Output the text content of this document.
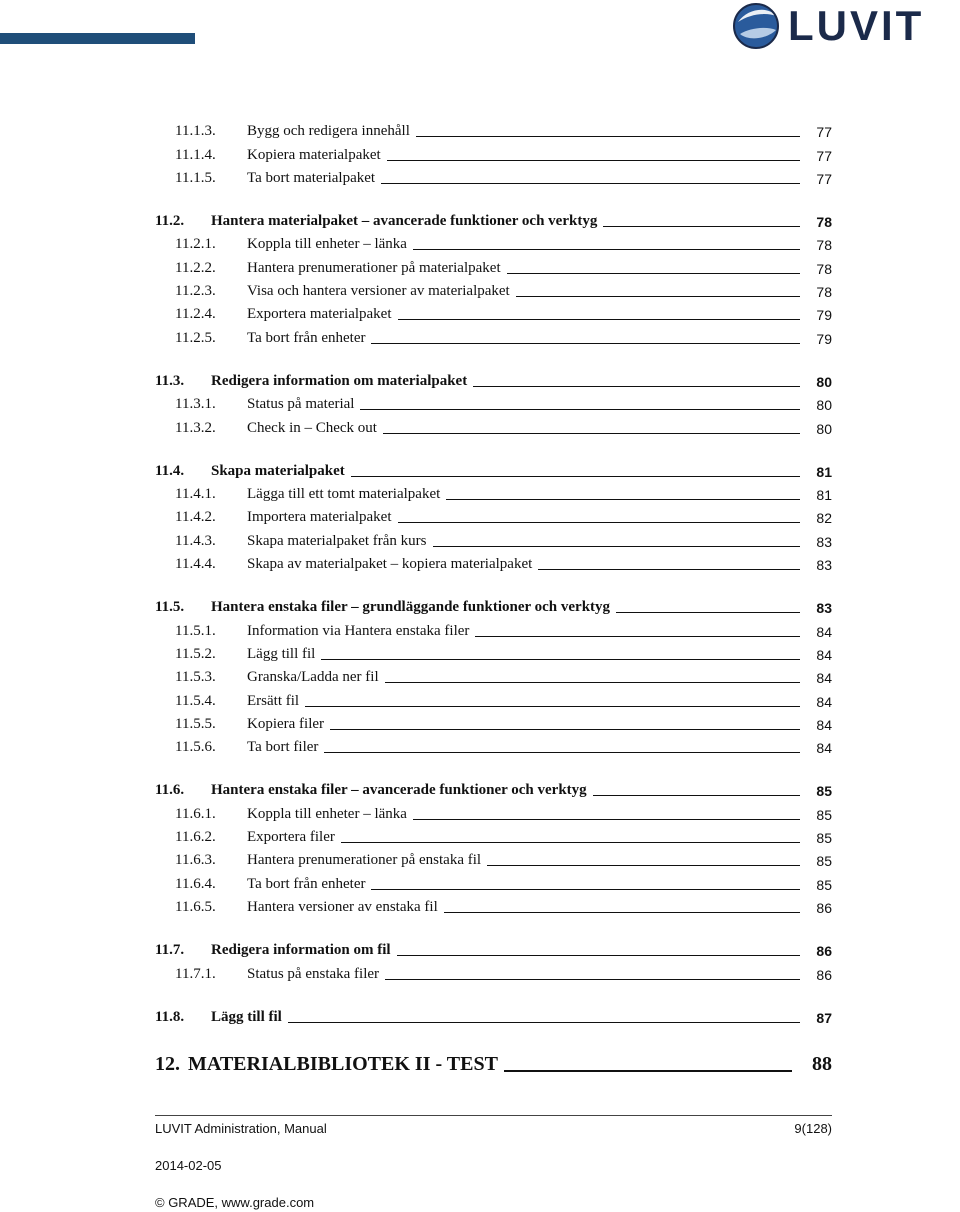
LUVIT
11.1.3.	Bygg och redigera innehåll	77
11.1.4.	Kopiera materialpaket	77
11.1.5.	Ta bort materialpaket	77
11.2.	Hantera materialpaket – avancerade funktioner och verktyg	78
11.2.1.	Koppla till enheter – länka	78
11.2.2.	Hantera prenumerationer på materialpaket	78
11.2.3.	Visa och hantera versioner av materialpaket	78
11.2.4.	Exportera materialpaket	79
11.2.5.	Ta bort från enheter	79
11.3.	Redigera information om materialpaket	80
11.3.1.	Status på material	80
11.3.2.	Check in – Check out	80
11.4.	Skapa materialpaket	81
11.4.1.	Lägga till ett tomt materialpaket	81
11.4.2.	Importera materialpaket	82
11.4.3.	Skapa materialpaket från kurs	83
11.4.4.	Skapa av materialpaket – kopiera materialpaket	83
11.5.	Hantera enstaka filer – grundläggande funktioner och verktyg	83
11.5.1.	Information via Hantera enstaka filer	84
11.5.2.	Lägg till fil	84
11.5.3.	Granska/Ladda ner fil	84
11.5.4.	Ersätt fil	84
11.5.5.	Kopiera filer	84
11.5.6.	Ta bort filer	84
11.6.	Hantera enstaka filer – avancerade funktioner och verktyg	85
11.6.1.	Koppla till enheter – länka	85
11.6.2.	Exportera filer	85
11.6.3.	Hantera prenumerationer på enstaka fil	85
11.6.4.	Ta bort från enheter	85
11.6.5.	Hantera versioner av enstaka fil	86
11.7.	Redigera information om fil	86
11.7.1.	Status på enstaka filer	86
11.8.	Lägg till fil	87
12. MATERIALBIBLIOTEK II - TEST	88
LUVIT Administration, Manual	9(128)
2014-02-05
© GRADE, www.grade.com
